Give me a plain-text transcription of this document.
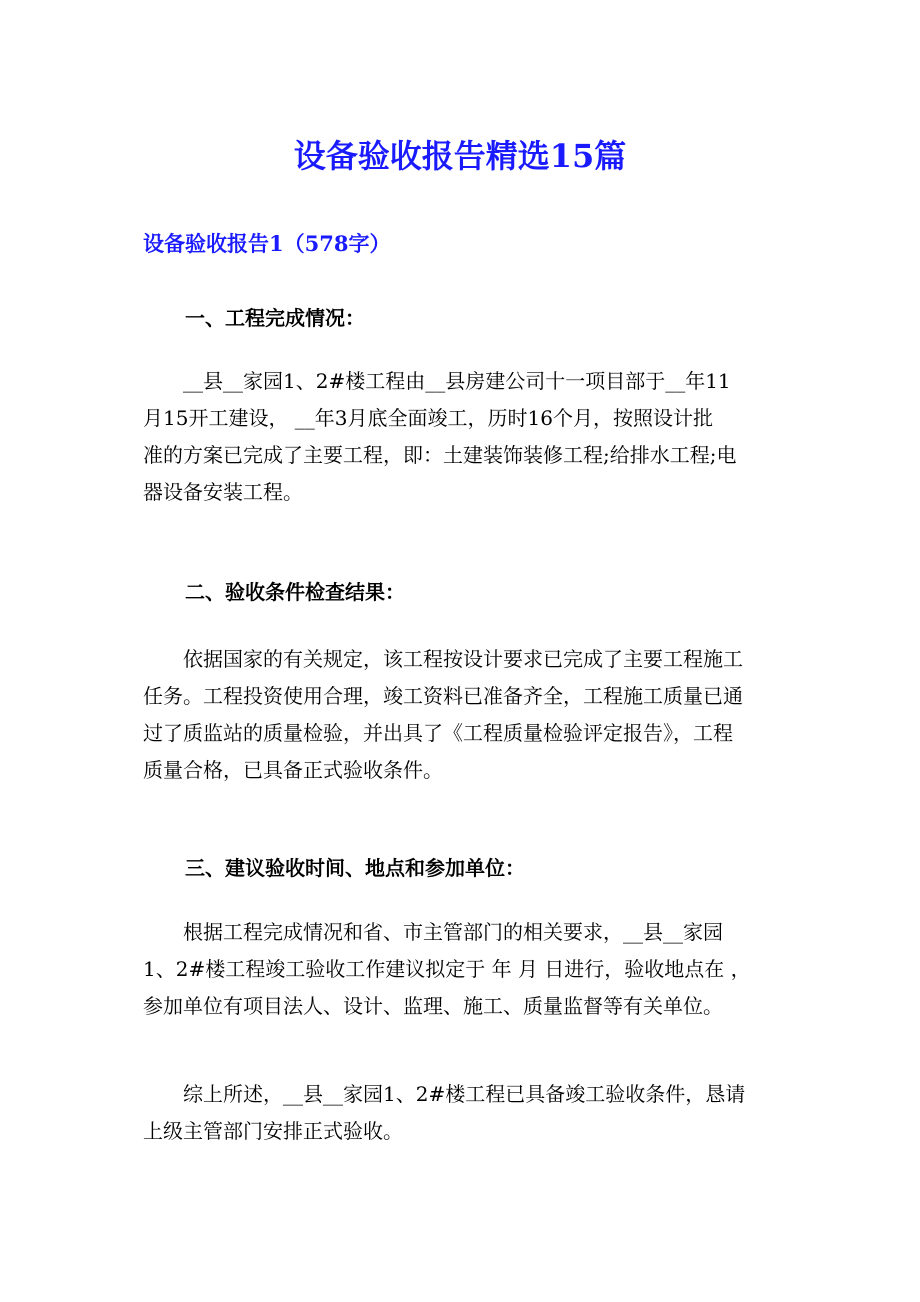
设备验收报告精选15篇
设备验收报告1（578字）
一、工程完成情况：

__县__家园1、2#楼工程由__县房建公司十一项目部于__年11
月15开工建设， __年3月底全面竣工，历时16个月，按照设计批
准的方案已完成了主要工程，即：土建装饰装修工程;给排水工程;电
器设备安装工程。

二、验收条件检查结果：

依据国家的有关规定，该工程按设计要求已完成了主要工程施工
任务。工程投资使用合理，竣工资料已准备齐全，工程施工质量已通
过了质监站的质量检验，并出具了《工程质量检验评定报告》，工程
质量合格，已具备正式验收条件。

三、建议验收时间、地点和参加单位：

根据工程完成情况和省、市主管部门的相关要求，__县__家园
1、2#楼工程竣工验收工作建议拟定于 年 月 日进行，验收地点在 ，
参加单位有项目法人、设计、监理、施工、质量监督等有关单位。

综上所述，__县__家园1、2#楼工程已具备竣工验收条件，恳请
上级主管部门安排正式验收。
